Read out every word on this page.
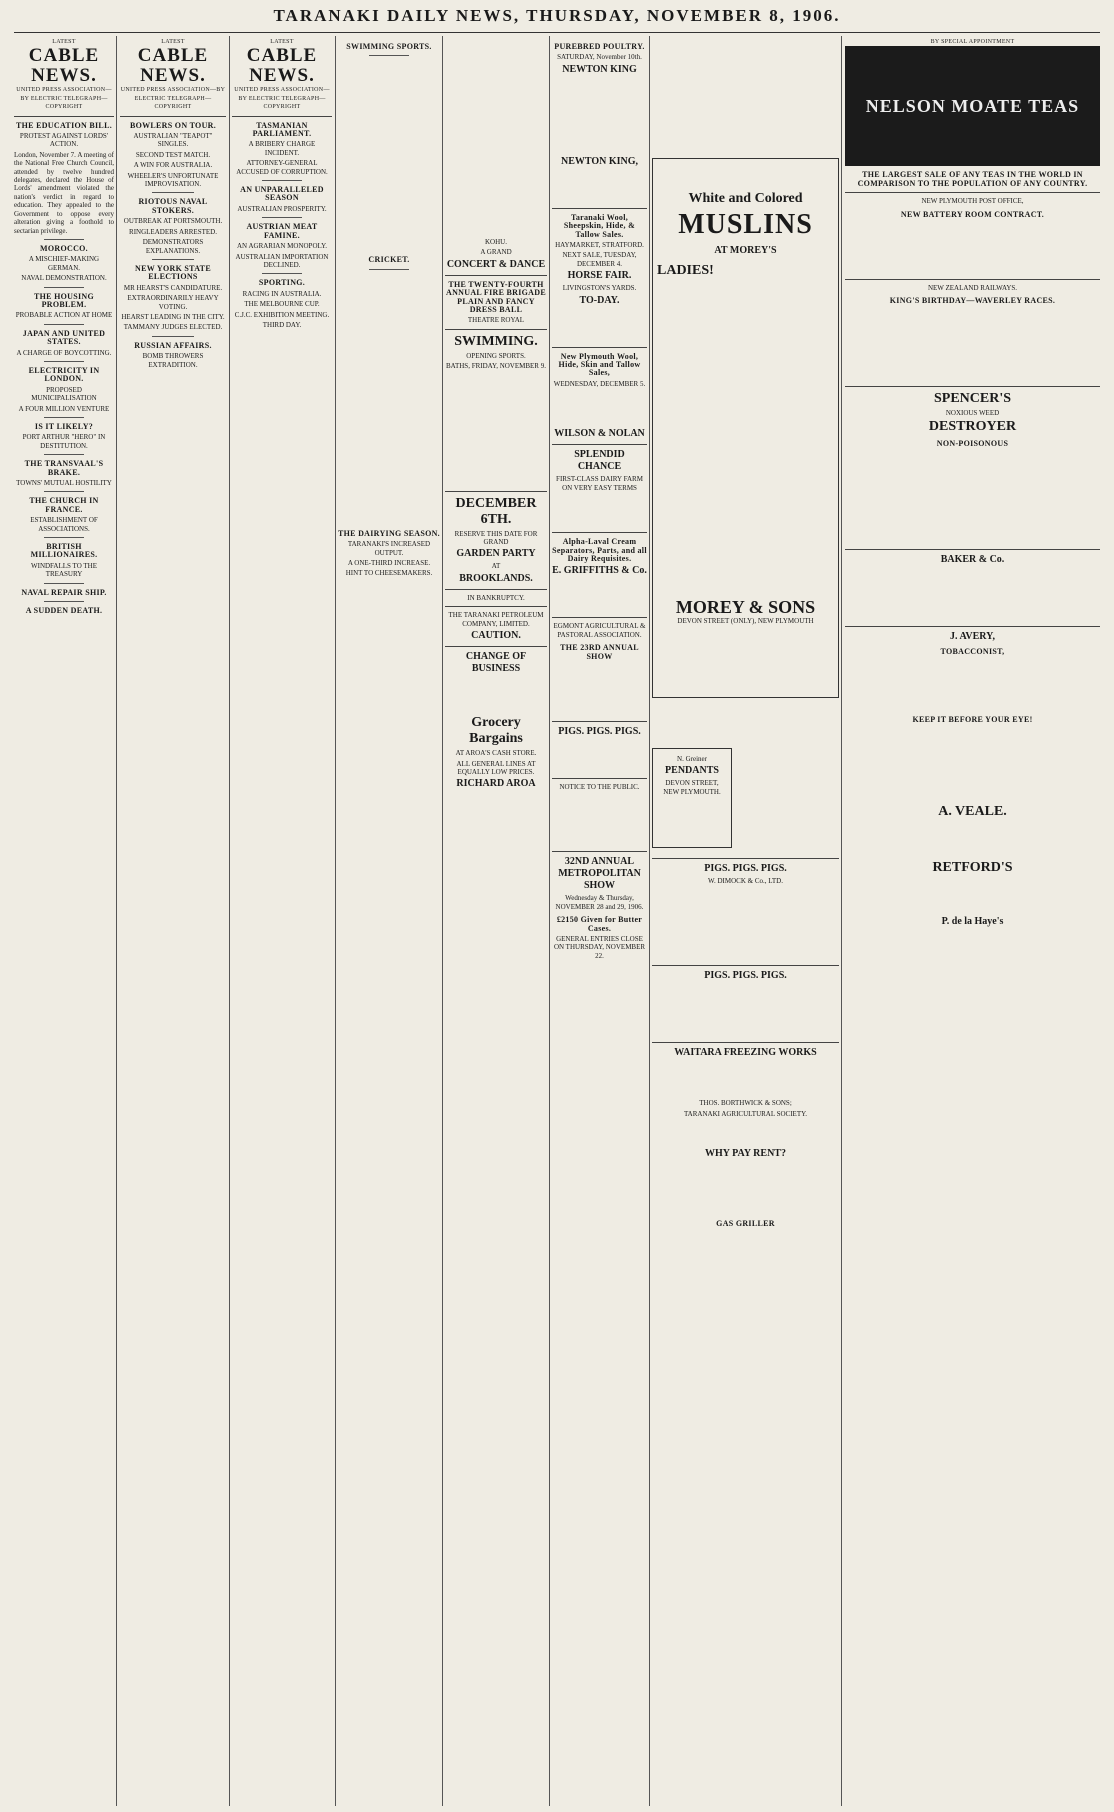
TARANAKI DAILY NEWS, THURSDAY, NOVEMBER 8, 1906.
LATEST
CABLE NEWS.
UNITED PRESS ASSOCIATION—BY ELECTRIC TELEGRAPH—COPYRIGHT
THE EDUCATION BILL.
PROTEST AGAINST LORDS' ACTION.
London, November 7. A meeting of the National Free Church Council, attended by twelve hundred delegates, declared the House of Lords' amendment violated the nation's verdict in regard to education. They appealed to the Government to oppose every alteration giving a foothold to sectarian privilege.
MOROCCO.
A MISCHIEF-MAKING GERMAN.
NAVAL DEMONSTRATION.
THE HOUSING PROBLEM.
PROBABLE ACTION AT HOME
JAPAN AND UNITED STATES.
A CHARGE OF BOYCOTTING.
ELECTRICITY IN LONDON.
PROPOSED MUNICIPALISATION
A FOUR MILLION VENTURE
IS IT LIKELY?
PORT ARTHUR "HERO" IN DESTITUTION.
THE TRANSVAAL'S BRAKE.
TOWNS' MUTUAL HOSTILITY
THE CHURCH IN FRANCE.
ESTABLISHMENT OF ASSOCIATIONS.
BRITISH MILLIONAIRES.
WINDFALLS TO THE TREASURY
NAVAL REPAIR SHIP.
A SUDDEN DEATH.
LATEST
CABLE NEWS.
UNITED PRESS ASSOCIATION—BY ELECTRIC TELEGRAPH—COPYRIGHT
BOWLERS ON TOUR.
AUSTRALIAN "TEAPOT" SINGLES.
SECOND TEST MATCH.
A WIN FOR AUSTRALIA.
WHEELER'S UNFORTUNATE IMPROVISATION.
RIOTOUS NAVAL STOKERS.
OUTBREAK AT PORTSMOUTH.
RINGLEADERS ARRESTED.
DEMONSTRATORS EXPLANATIONS.
NEW YORK STATE ELECTIONS
MR HEARST'S CANDIDATURE.
EXTRAORDINARILY HEAVY VOTING.
HEARST LEADING IN THE CITY.
TAMMANY JUDGES ELECTED.
RUSSIAN AFFAIRS.
BOMB THROWERS EXTRADITION.
LATEST
CABLE NEWS.
UNITED PRESS ASSOCIATION—BY ELECTRIC TELEGRAPH—COPYRIGHT
TASMANIAN PARLIAMENT.
A BRIBERY CHARGE INCIDENT.
ATTORNEY-GENERAL ACCUSED OF CORRUPTION.
AN UNPARALLELED SEASON
AUSTRALIAN PROSPERITY.
AUSTRIAN MEAT FAMINE.
AN AGRARIAN MONOPOLY.
AUSTRALIAN IMPORTATION DECLINED.
SPORTING.
RACING IN AUSTRALIA.
THE MELBOURNE CUP.
C.J.C. EXHIBITION MEETING.
THIRD DAY.
SWIMMING SPORTS.
CRICKET.
THE DAIRYING SEASON.
TARANAKI'S INCREASED OUTPUT.
A ONE-THIRD INCREASE.
HINT TO CHEESEMAKERS.
KOHU.
A GRAND
CONCERT & DANCE
THE TWENTY-FOURTH ANNUAL FIRE BRIGADE PLAIN AND FANCY DRESS BALL
THEATRE ROYAL
SWIMMING.
OPENING SPORTS.
BATHS, FRIDAY, NOVEMBER 9.
DECEMBER 6TH.
RESERVE THIS DATE FOR GRAND
GARDEN PARTY
AT
BROOKLANDS.
IN BANKRUPTCY.
THE TARANAKI PETROLEUM COMPANY, LIMITED.
CAUTION.
CHANGE OF BUSINESS
Grocery Bargains
AT AROA'S CASH STORE.
ALL GENERAL LINES AT EQUALLY LOW PRICES.
RICHARD AROA
PUREBRED POULTRY.
SATURDAY, November 10th.
NEWTON KING
NEWTON KING,
Taranaki Wool, Sheepskin, Hide, & Tallow Sales.
HAYMARKET, STRATFORD.
NEXT SALE, TUESDAY, DECEMBER 4.
HORSE FAIR.
LIVINGSTON'S YARDS.
TO-DAY.
New Plymouth Wool, Hide, Skin and Tallow Sales,
WEDNESDAY, DECEMBER 5.
WILSON & NOLAN
SPLENDID CHANCE
FIRST-CLASS DAIRY FARM ON VERY EASY TERMS
Alpha-Laval Cream Separators, Parts, and all Dairy Requisites.
E. GRIFFITHS & Co.
EGMONT AGRICULTURAL & PASTORAL ASSOCIATION.
THE 23RD ANNUAL SHOW
PIGS. PIGS. PIGS.
NOTICE TO THE PUBLIC.
32ND ANNUAL METROPOLITAN SHOW
Wednesday & Thursday, NOVEMBER 28 and 29, 1906.
£2150 Given for Butter Cases.
GENERAL ENTRIES CLOSE ON THURSDAY, NOVEMBER 22.
White and Colored
MUSLINS
AT MOREY'S
LADIES!
MOREY & SONS
DEVON STREET (ONLY), NEW PLYMOUTH
N. Greiner
PENDANTS
DEVON STREET, NEW PLYMOUTH.
PIGS. PIGS. PIGS.
W. DIMOCK & Co., LTD.
PIGS. PIGS. PIGS.
WAITARA FREEZING WORKS
THOS. BORTHWICK & SONS;
TARANAKI AGRICULTURAL SOCIETY.
WHY PAY RENT?
GAS GRILLER
BY SPECIAL APPOINTMENT
NELSON MOATE TEAS
THE LARGEST SALE OF ANY TEAS IN THE WORLD IN COMPARISON TO THE POPULATION OF ANY COUNTRY.
NEW PLYMOUTH POST OFFICE,
NEW BATTERY ROOM CONTRACT.
NEW ZEALAND RAILWAYS.
KING'S BIRTHDAY—WAVERLEY RACES.
SPENCER'S
NOXIOUS WEED
DESTROYER
NON-POISONOUS
BAKER & Co.
J. AVERY,
TOBACCONIST,
KEEP IT BEFORE YOUR EYE!
A. VEALE.
RETFORD'S
P. de la Haye's
